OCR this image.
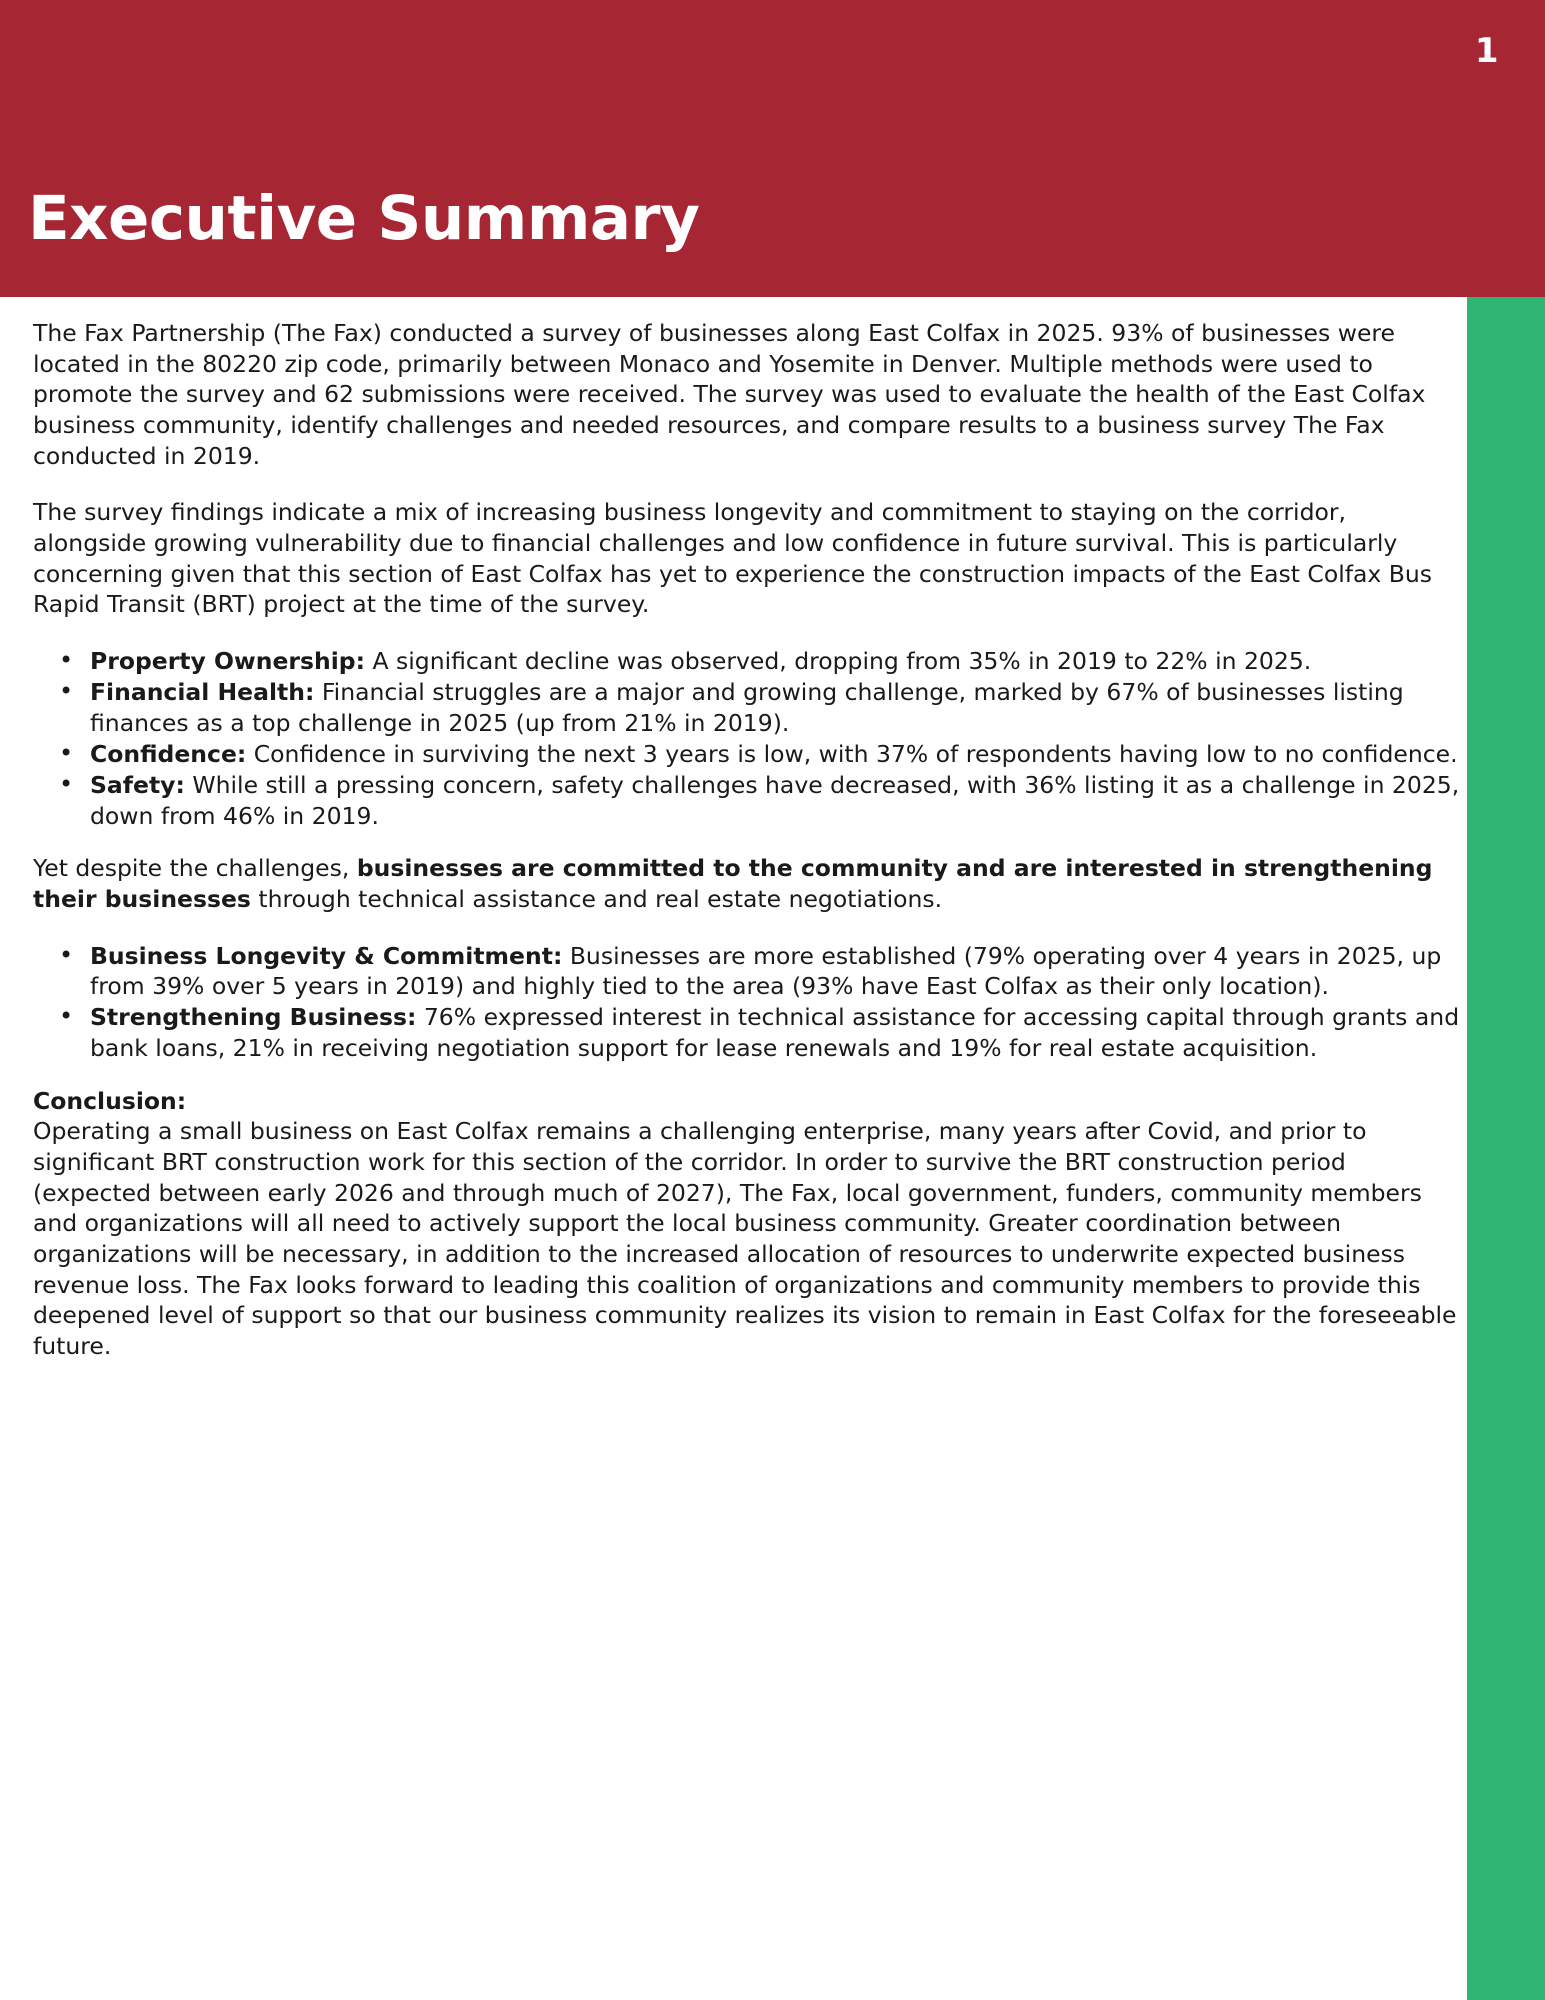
1
Executive Summary

The Fax Partnership (The Fax) conducted a survey of businesses along East Colfax in 2025. 93% of businesses were located in the 80220 zip code, primarily between Monaco and Yosemite in Denver. Multiple methods were used to promote the survey and 62 submissions were received. The survey was used to evaluate the health of the East Colfax business community, identify challenges and needed resources, and compare results to a business survey The Fax conducted in 2019.

The survey findings indicate a mix of increasing business longevity and commitment to staying on the corridor, alongside growing vulnerability due to financial challenges and low confidence in future survival. This is particularly concerning given that this section of East Colfax has yet to experience the construction impacts of the East Colfax Bus Rapid Transit (BRT) project at the time of the survey.

• Property Ownership: A significant decline was observed, dropping from 35% in 2019 to 22% in 2025.
• Financial Health: Financial struggles are a major and growing challenge, marked by 67% of businesses listing finances as a top challenge in 2025 (up from 21% in 2019).
• Confidence: Confidence in surviving the next 3 years is low, with 37% of respondents having low to no confidence.
• Safety: While still a pressing concern, safety challenges have decreased, with 36% listing it as a challenge in 2025, down from 46% in 2019.

Yet despite the challenges, businesses are committed to the community and are interested in strengthening their businesses through technical assistance and real estate negotiations.

• Business Longevity & Commitment: Businesses are more established (79% operating over 4 years in 2025, up from 39% over 5 years in 2019) and highly tied to the area (93% have East Colfax as their only location).
• Strengthening Business: 76% expressed interest in technical assistance for accessing capital through grants and bank loans, 21% in receiving negotiation support for lease renewals and 19% for real estate acquisition.

Conclusion:
Operating a small business on East Colfax remains a challenging enterprise, many years after Covid, and prior to significant BRT construction work for this section of the corridor. In order to survive the BRT construction period (expected between early 2026 and through much of 2027), The Fax, local government, funders, community members and organizations will all need to actively support the local business community. Greater coordination between organizations will be necessary, in addition to the increased allocation of resources to underwrite expected business revenue loss. The Fax looks forward to leading this coalition of organizations and community members to provide this deepened level of support so that our business community realizes its vision to remain in East Colfax for the foreseeable future.
